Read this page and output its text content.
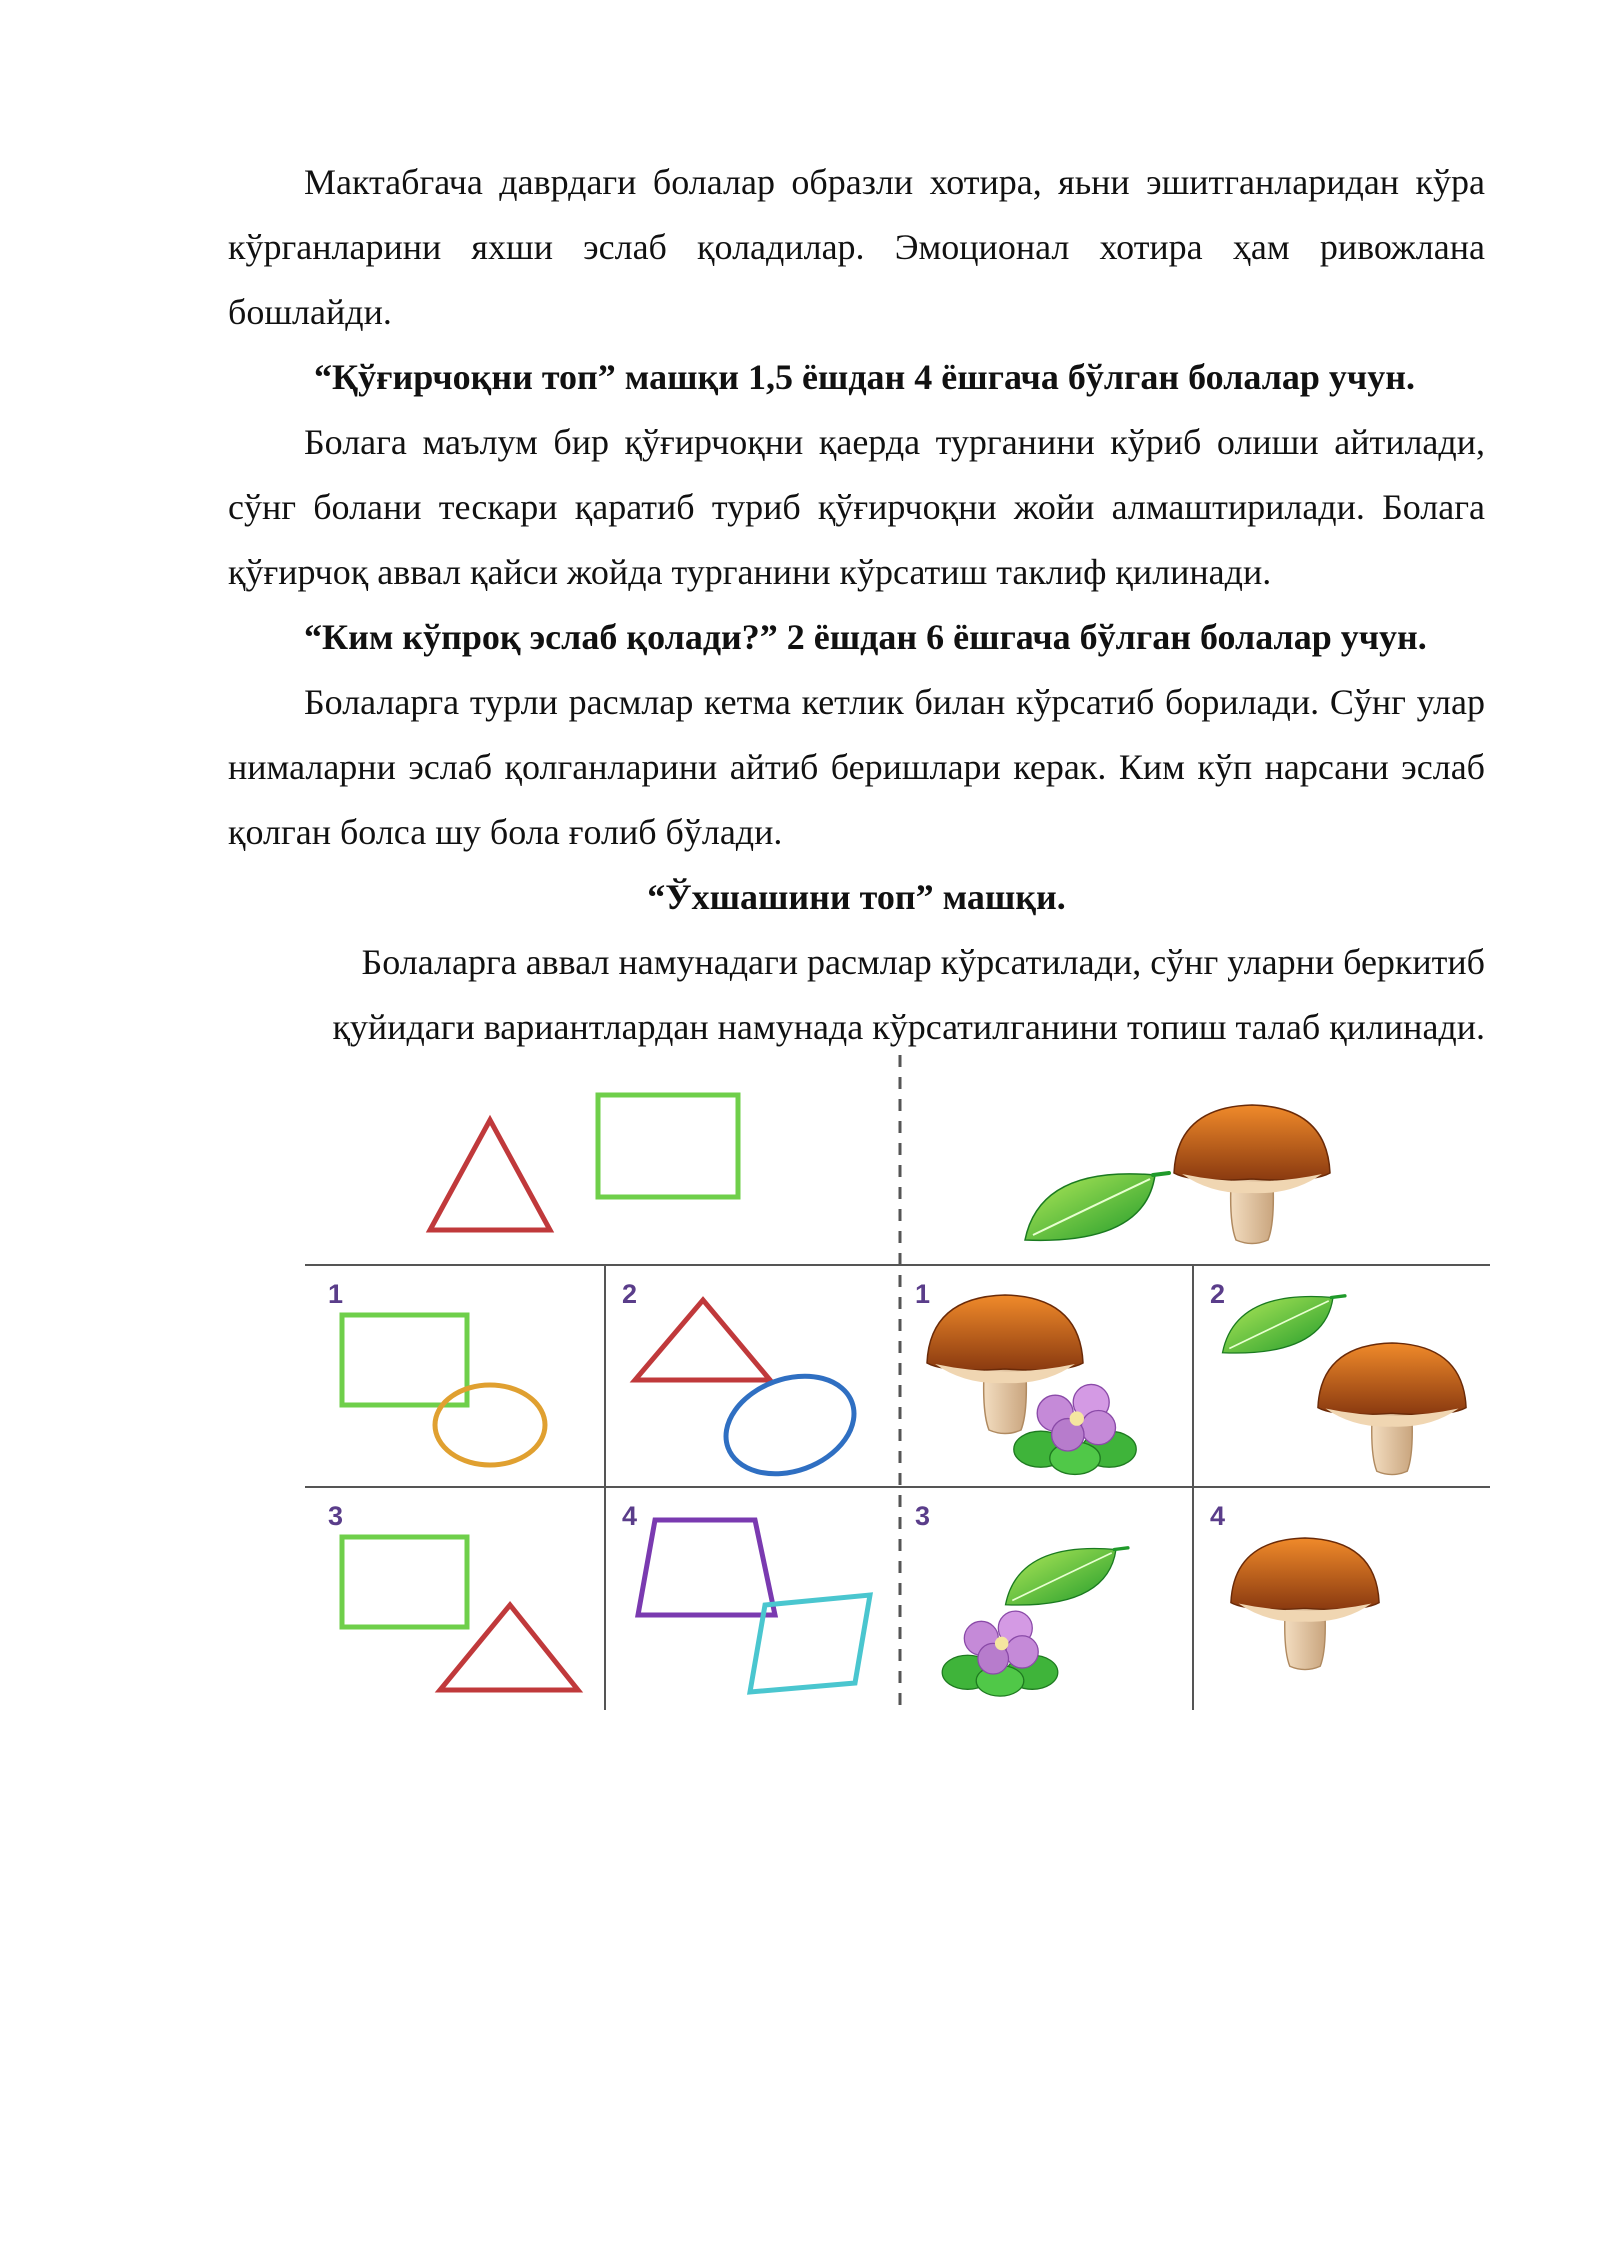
Мактабгача даврдаги болалар образли хотира, яьни эшитганларидан кўра кўрганларини яхши эслаб қоладилар. Эмоционал хотира ҳам ривожлана бошлайди.

“Қўғирчоқни топ” машқи 1,5 ёшдан 4 ёшгача бўлган болалар учун.

Болага маълум бир қўғирчоқни қаерда турганини кўриб олиши айтилади, сўнг болани тескари қаратиб туриб қўғирчоқни жойи алмаштирилади. Болага қўғирчоқ аввал қайси жойда турганини кўрсатиш таклиф қилинади.

“Ким кўпроқ эслаб қолади?” 2 ёшдан 6 ёшгача бўлган болалар учун.

Болаларга турли расмлар кетма кетлик билан кўрсатиб борилади. Сўнг улар нималарни эслаб қолганларини айтиб беришлари керак. Ким кўп нарсани эслаб қолган болса шу бола ғолиб бўлади.

“Ўхшашини топ” машқи.

Болаларга аввал намунадаги расмлар кўрсатилади, сўнг уларни беркитиб қуйидаги вариантлардан намунада кўрсатилганини топиш талаб қилинади.

1	2
3	4
1	2
3	4
